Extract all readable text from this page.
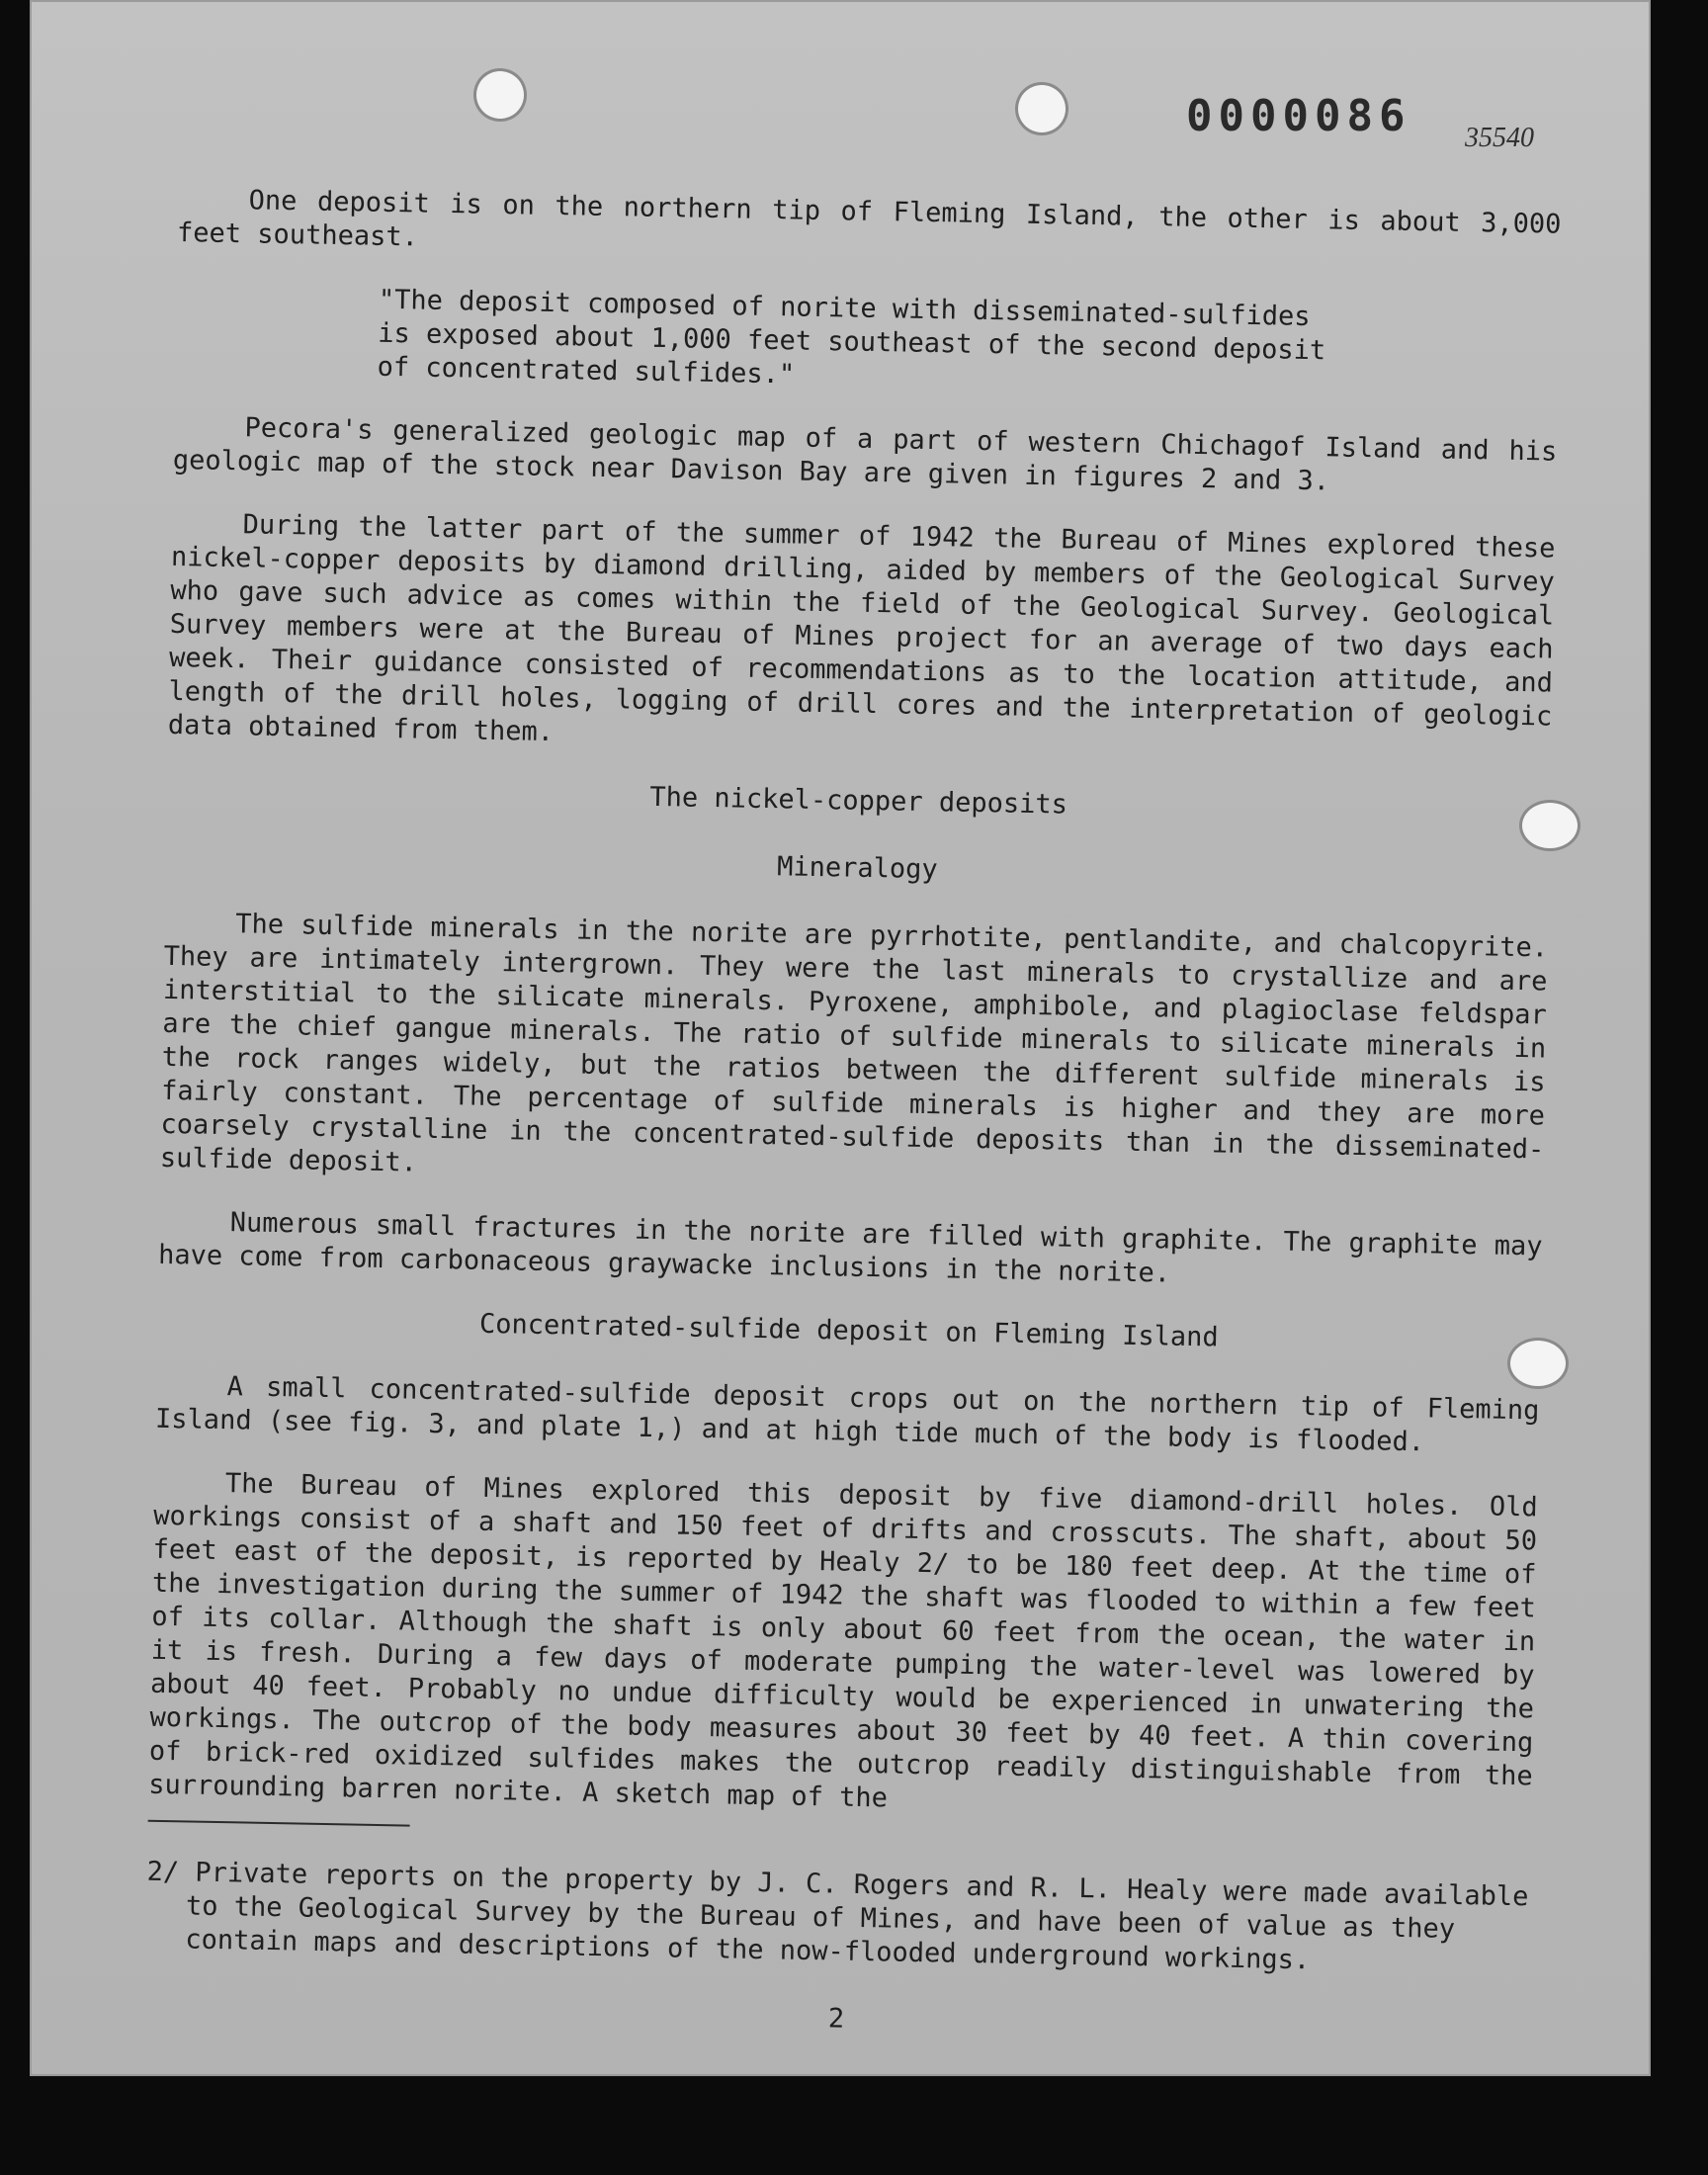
0000086 35540

One deposit is on the northern tip of Fleming Island, the other is about 3,000 feet southeast.

"The deposit composed of norite with disseminated-sulfides is exposed about 1,000 feet southeast of the second deposit of concentrated sulfides."

Pecora's generalized geologic map of a part of western Chichagof Island and his geologic map of the stock near Davison Bay are given in figures 2 and 3.

During the latter part of the summer of 1942 the Bureau of Mines explored these nickel-copper deposits by diamond drilling, aided by members of the Geological Survey who gave such advice as comes within the field of the Geological Survey. Geological Survey members were at the Bureau of Mines project for an average of two days each week. Their guidance consisted of recommendations as to the location attitude, and length of the drill holes, logging of drill cores and the interpretation of geologic data obtained from them.

The nickel-copper deposits

Mineralogy

The sulfide minerals in the norite are pyrrhotite, pentlandite, and chalcopyrite. They are intimately intergrown. They were the last minerals to crystallize and are interstitial to the silicate minerals. Pyroxene, amphibole, and plagioclase feldspar are the chief gangue minerals. The ratio of sulfide minerals to silicate minerals in the rock ranges widely, but the ratios between the different sulfide minerals is fairly constant. The percentage of sulfide minerals is higher and they are more coarsely crystalline in the concentrated-sulfide deposits than in the disseminated-sulfide deposit.

Numerous small fractures in the norite are filled with graphite. The graphite may have come from carbonaceous graywacke inclusions in the norite.

Concentrated-sulfide deposit on Fleming Island

A small concentrated-sulfide deposit crops out on the northern tip of Fleming Island (see fig. 3, and plate 1,) and at high tide much of the body is flooded.

The Bureau of Mines explored this deposit by five diamond-drill holes. Old workings consist of a shaft and 150 feet of drifts and crosscuts. The shaft, about 50 feet east of the deposit, is reported by Healy 2/ to be 180 feet deep. At the time of the investigation during the summer of 1942 the shaft was flooded to within a few feet of its collar. Although the shaft is only about 60 feet from the ocean, the water in it is fresh. During a few days of moderate pumping the water-level was lowered by about 40 feet. Probably no undue difficulty would be experienced in unwatering the workings. The outcrop of the body measures about 30 feet by 40 feet. A thin covering of brick-red oxidized sulfides makes the outcrop readily distinguishable from the surrounding barren norite. A sketch map of the

2/ Private reports on the property by J. C. Rogers and R. L. Healy were made available to the Geological Survey by the Bureau of Mines, and have been of value as they contain maps and descriptions of the now-flooded underground workings.

2
